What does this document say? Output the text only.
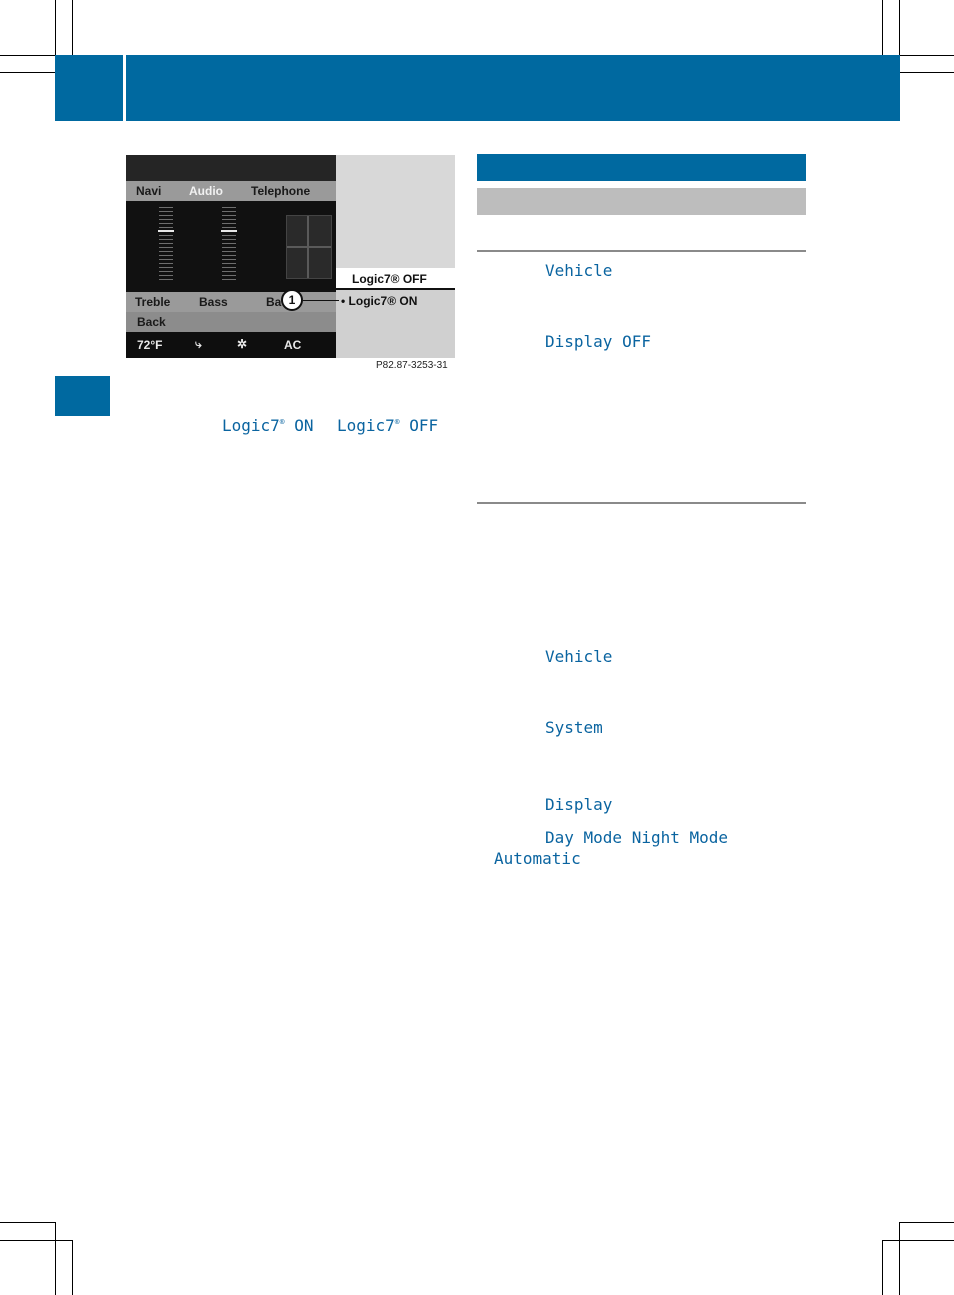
Navi Audio Telephone
Logic7® OFF
• Logic7® ON
Treble Bass	Ba
Back
72°F	⤷	✲	AC
1
P82.87-3253-31
Logic7® ON Logic7® OFF
Vehicle
Display OFF
Vehicle
System
Display
Day Mode Night Mode
Automatic
